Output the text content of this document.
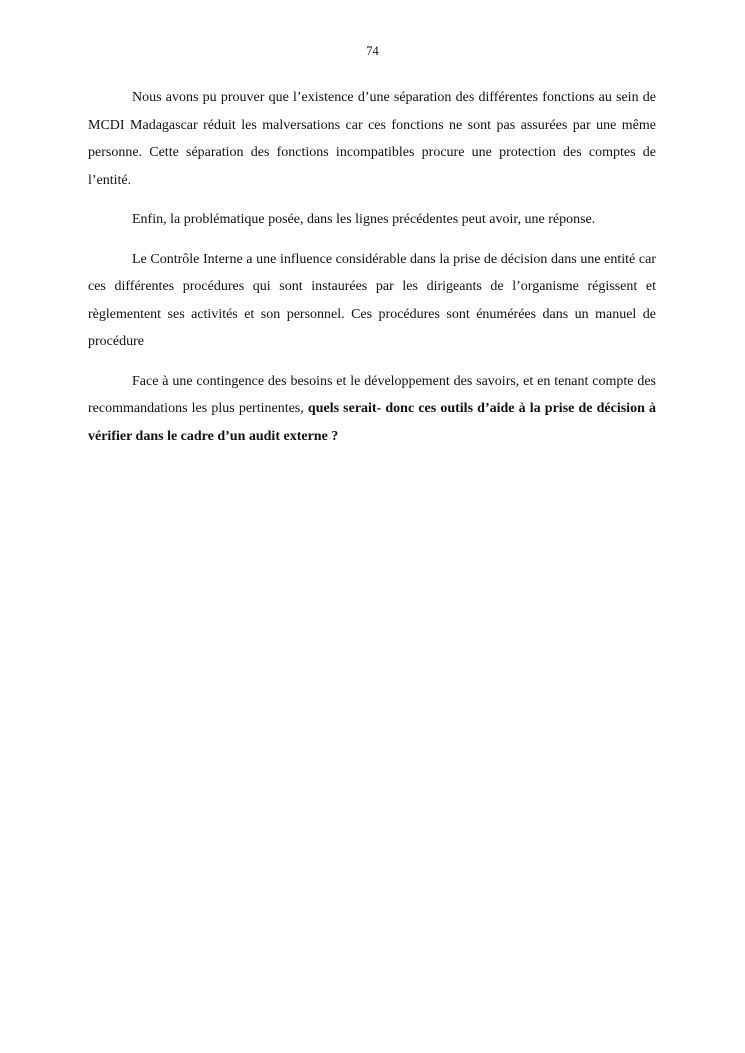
74

Nous avons pu prouver que l’existence d’une séparation des différentes fonctions au sein de MCDI Madagascar réduit les malversations car ces fonctions ne sont pas assurées par une même personne. Cette séparation des fonctions incompatibles procure une protection des comptes de l’entité.

Enfin, la problématique posée, dans les lignes précédentes peut avoir, une réponse.

Le Contrôle Interne a une influence considérable dans la prise de décision dans une entité car ces différentes procédures qui sont instaurées par les dirigeants de l’organisme régissent et règlementent ses activités et son personnel. Ces procédures sont énumérées dans un manuel de procédure

Face à une contingence des besoins et le développement des savoirs, et en tenant compte des recommandations les plus pertinentes, quels serait- donc ces outils d’aide à la prise de décision à vérifier dans le cadre d’un audit externe ?
